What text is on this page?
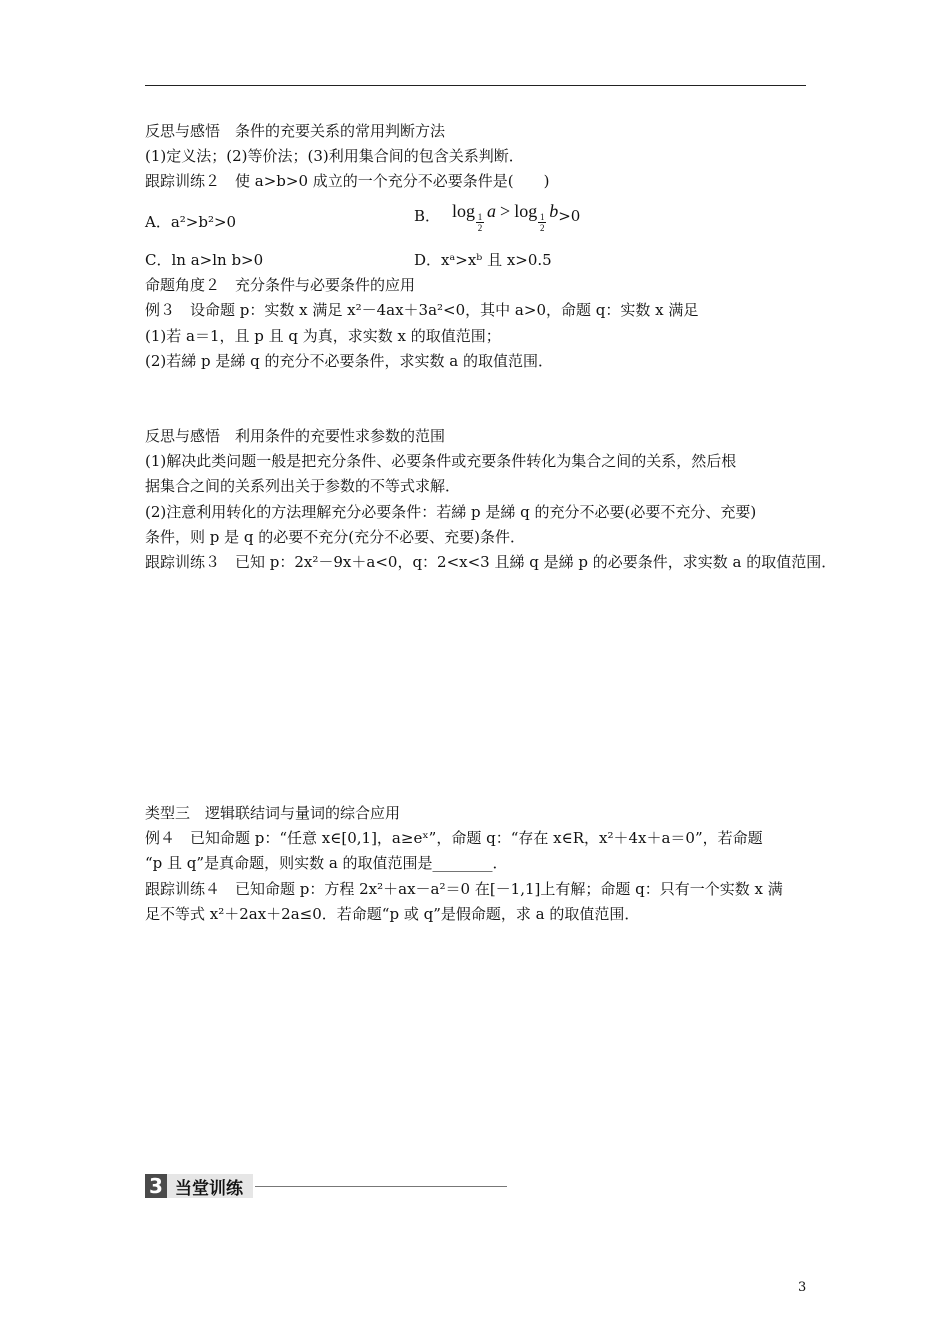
反思与感悟　条件的充要关系的常用判断方法
(1)定义法；(2)等价法；(3)利用集合间的包含关系判断．
跟踪训练２　使 a>b>0 成立的一个充分不必要条件是(　　)
A．a²>b²>0
C．ln a>ln b>0
命题角度２　充分条件与必要条件的应用
例３　设命题 p：实数 x 满足 x²－4ax＋3a²<0，其中 a>0，命题 q：实数 x 满足
(1)若 a＝1，且 p 且 q 为真，求实数 x 的取值范围；
(2)若綈 p 是綈 q 的充分不必要条件，求实数 a 的取值范围．
反思与感悟　利用条件的充要性求参数的范围
(1)解决此类问题一般是把充分条件、必要条件或充要条件转化为集合之间的关系，然后根
据集合之间的关系列出关于参数的不等式求解．
(2)注意利用转化的方法理解充分必要条件：若綈 p 是綈 q 的充分不必要(必要不充分、充要)
条件，则 p 是 q 的必要不充分(充分不必要、充要)条件．
跟踪训练３　已知 p：2x²－9x＋a<0，q：2<x<3 且綈 q 是綈 p 的必要条件，求实数 a 的取值范围．
类型三　逻辑联结词与量词的综合应用
例４　已知命题 p：“任意 x∈[0,1]，a≥eˣ”，命题 q：“存在 x∈R，x²＋4x＋a＝0”，若命题
“p 且 q”是真命题，则实数 a 的取值范围是________．
跟踪训练４　已知命题 p：方程 2x²＋ax－a²＝0 在[－1,1]上有解；命题 q：只有一个实数 x 满
足不等式 x²＋2ax＋2a≤0．若命题“p 或 q”是假命题，求 a 的取值范围．
D．xᵃ>xᵇ 且 x>0.5
B． log
$\frac{1}{2}$
a > log
$\frac{1}{2}$
b >0
3 当堂训练
3
